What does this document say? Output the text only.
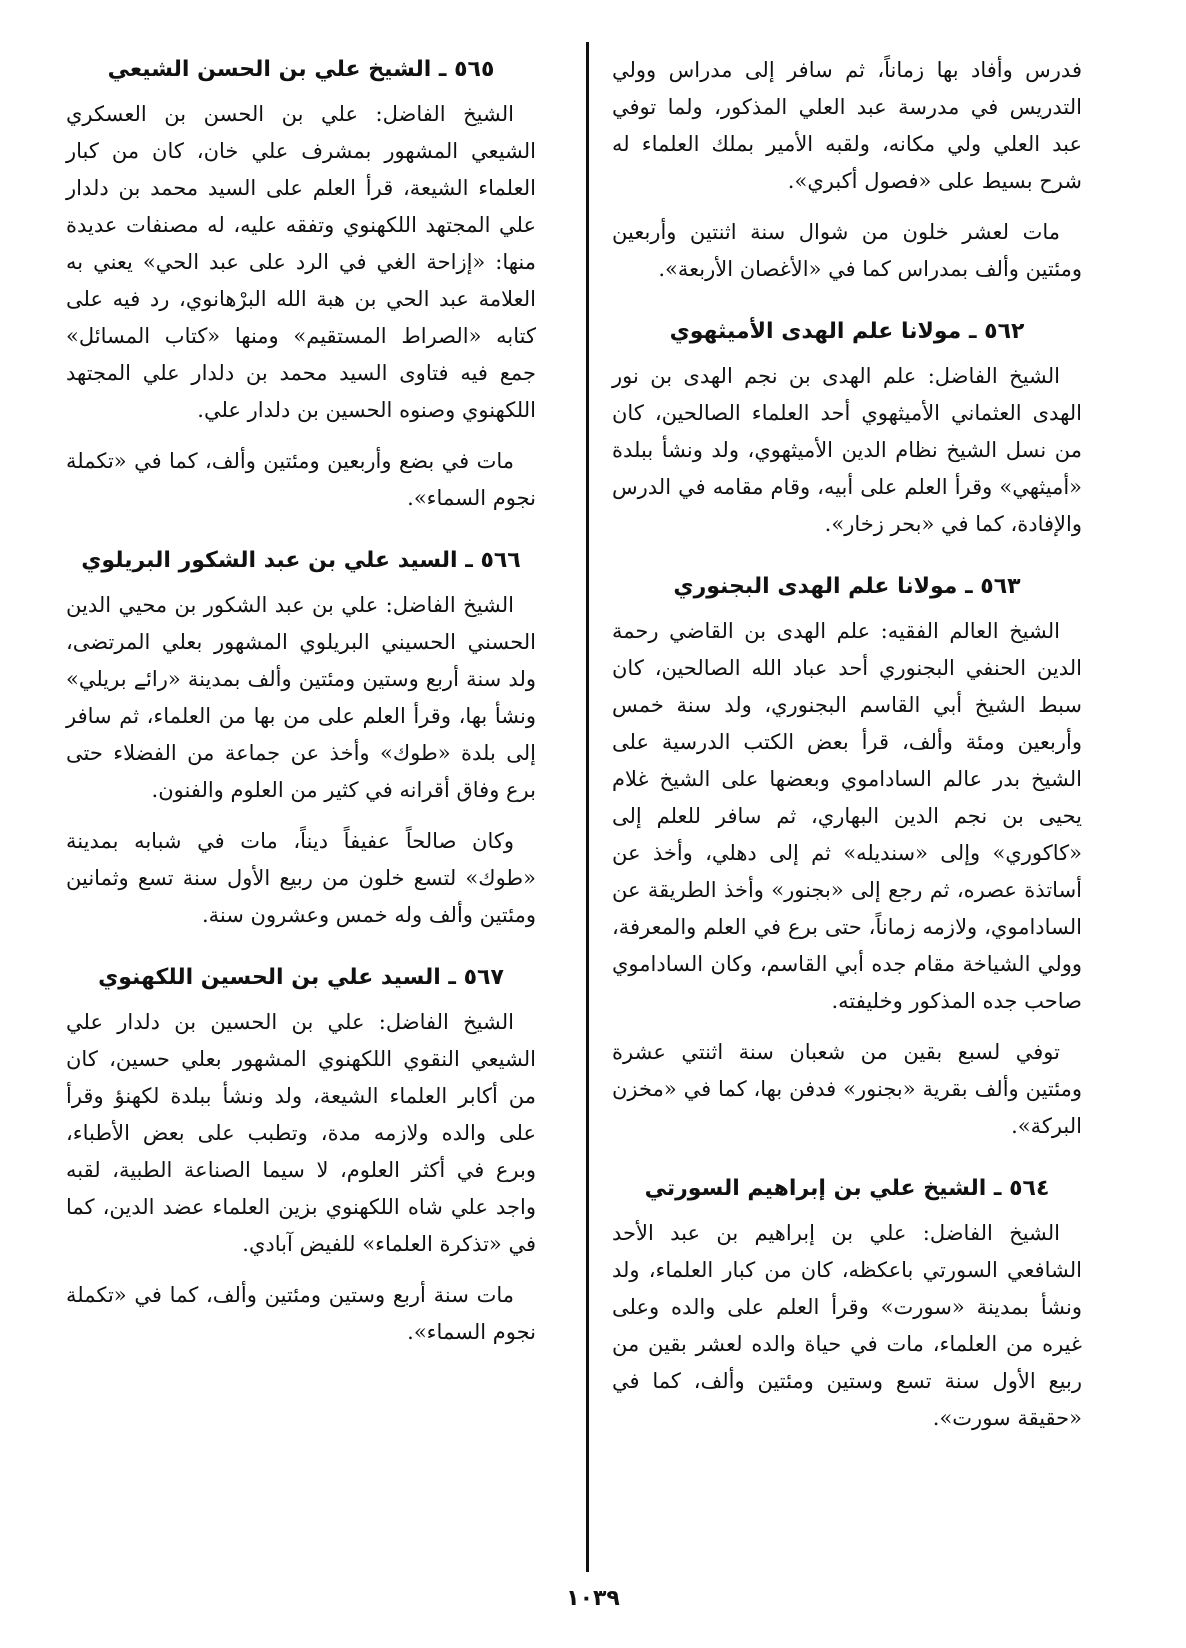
فدرس وأفاد بها زماناً، ثم سافر إلى مدراس وولي التدريس في مدرسة عبد العلي المذكور، ولما توفي عبد العلي ولي مكانه، ولقبه الأمير بملك العلماء له شرح بسيط على «فصول أكبري».

مات لعشر خلون من شوال سنة اثنتين وأربعين ومئتين وألف بمدراس كما في «الأغصان الأربعة».

٥٦٢ ـ مولانا علم الهدى الأميثهوي

الشيخ الفاضل: علم الهدى بن نجم الهدى بن نور الهدى العثماني الأميثهوي أحد العلماء الصالحين، كان من نسل الشيخ نظام الدين الأميثهوي، ولد ونشأ ببلدة «أميثهي» وقرأ العلم على أبيه، وقام مقامه في الدرس والإفادة، كما في «بحر زخار».

٥٦٣ ـ مولانا علم الهدى البجنوري

الشيخ العالم الفقيه: علم الهدى بن القاضي رحمة الدين الحنفي البجنوري أحد عباد الله الصالحين، كان سبط الشيخ أبي القاسم البجنوري، ولد سنة خمس وأربعين ومئة وألف، قرأ بعض الكتب الدرسية على الشيخ بدر عالم الساداموي وبعضها على الشيخ غلام يحيى بن نجم الدين البهاري، ثم سافر للعلم إلى «كاكوري» وإلى «سنديله» ثم إلى دهلي، وأخذ عن أساتذة عصره، ثم رجع إلى «بجنور» وأخذ الطريقة عن الساداموي، ولازمه زماناً، حتى برع في العلم والمعرفة، وولي الشياخة مقام جده أبي القاسم، وكان الساداموي صاحب جده المذكور وخليفته.

توفي لسبع بقين من شعبان سنة اثنتي عشرة ومئتين وألف بقرية «بجنور» فدفن بها، كما في «مخزن البركة».

٥٦٤ ـ الشيخ علي بن إبراهيم السورتي

الشيخ الفاضل: علي بن إبراهيم بن عبد الأحد الشافعي السورتي باعكظه، كان من كبار العلماء، ولد ونشأ بمدينة «سورت» وقرأ العلم على والده وعلى غيره من العلماء، مات في حياة والده لعشر بقين من ربيع الأول سنة تسع وستين ومئتين وألف، كما في «حقيقة سورت».

٥٦٥ ـ الشيخ علي بن الحسن الشيعي

الشيخ الفاضل: علي بن الحسن بن العسكري الشيعي المشهور بمشرف علي خان، كان من كبار العلماء الشيعة، قرأ العلم على السيد محمد بن دلدار علي المجتهد اللكهنوي وتفقه عليه، له مصنفات عديدة منها: «إزاحة الغي في الرد على عبد الحي» يعني به العلامة عبد الحي بن هبة الله البرْهانوي، رد فيه على كتابه «الصراط المستقيم» ومنها «كتاب المسائل» جمع فيه فتاوى السيد محمد بن دلدار علي المجتهد اللكهنوي وصنوه الحسين بن دلدار علي.

مات في بضع وأربعين ومئتين وألف، كما في «تكملة نجوم السماء».

٥٦٦ ـ السيد علي بن عبد الشكور البريلوي

الشيخ الفاضل: علي بن عبد الشكور بن محيي الدين الحسني الحسيني البريلوي المشهور بعلي المرتضى، ولد سنة أربع وستين ومئتين وألف بمدينة «رائے بريلي» ونشأ بها، وقرأ العلم على من بها من العلماء، ثم سافر إلى بلدة «طوك» وأخذ عن جماعة من الفضلاء حتى برع وفاق أقرانه في كثير من العلوم والفنون.

وكان صالحاً عفيفاً ديناً، مات في شبابه بمدينة «طوك» لتسع خلون من ربيع الأول سنة تسع وثمانين ومئتين وألف وله خمس وعشرون سنة.

٥٦٧ ـ السيد علي بن الحسين اللكهنوي

الشيخ الفاضل: علي بن الحسين بن دلدار علي الشيعي النقوي اللكهنوي المشهور بعلي حسين، كان من أكابر العلماء الشيعة، ولد ونشأ ببلدة لكهنؤ وقرأ على والده ولازمه مدة، وتطبب على بعض الأطباء، وبرع في أكثر العلوم، لا سيما الصناعة الطبية، لقبه واجد علي شاه اللكهنوي بزين العلماء عضد الدين، كما في «تذكرة العلماء» للفيض آبادي.

مات سنة أربع وستين ومئتين وألف، كما في «تكملة نجوم السماء».

١٠٣٩
